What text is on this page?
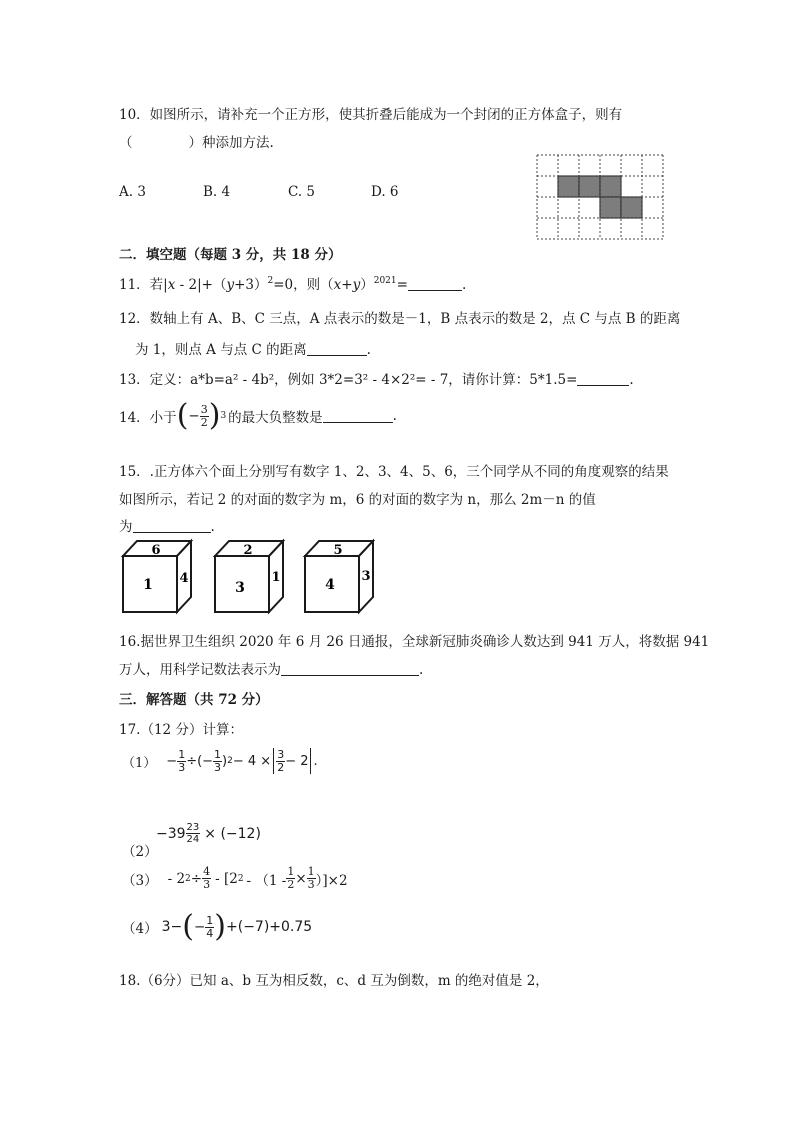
10．如图所示，请补充一个正方形，使其折叠后能成为一个封闭的正方体盒子，则有
（	）种添加方法.
A. 3	B. 4	C. 5	D. 6
二．填空题（每题 3 分，共 18 分）
11．若$|x - 2|+(y+3)^2=0$，则$(x+y)^{2021}=$	.
12．数轴上有 A、B、C 三点，A 点表示的数是－1，B 点表示的数是 2，点 C 与点 B 的距离
为 1，则点 A 与点 C 的距离	.
13．定义：a*b=a² - 4b²，例如 3*2=3² - 4×2²= - 7，请你计算：5*1.5=	.
14．小于 ( − $\frac{3}{2}$ ) 3 的最大负整数是	.
15．.正方体六个面上分别写有数字 1、2、3、4、5、6，三个同学从不同的角度观察的结果
如图所示，若记 2 的对面的数字为 m，6 的对面的数字为 n，那么 2m－n 的值
为	.
6
1 4
2
3
1
5
4
3
16.据世界卫生组织 2020 年 6 月 26 日通报，全球新冠肺炎确诊人数达到 941 万人，将数据 941
万人，用科学记数法表示为	.
三．解答题（共 72 分）
17.（12 分）计算：
$(1) - \frac{1}{3}$ ÷(− $\frac{1}{3}$ ) $2 - 4 \times \frac{3}{2} - 2$ .
（2）
$-39 \frac{23}{24} \times (-12)$
（3） - 2 $2 \div \frac{4}{3} - [2$ $2 - (1 - \frac{1}{2} \times \frac{1}{3} )]\times 2$
（4） 3− ( − $\frac{1}{4}$ ) + (−7) +0.75
18.（6分）已知 a、b 互为相反数，c、d 互为倒数，m 的绝对值是 2，
